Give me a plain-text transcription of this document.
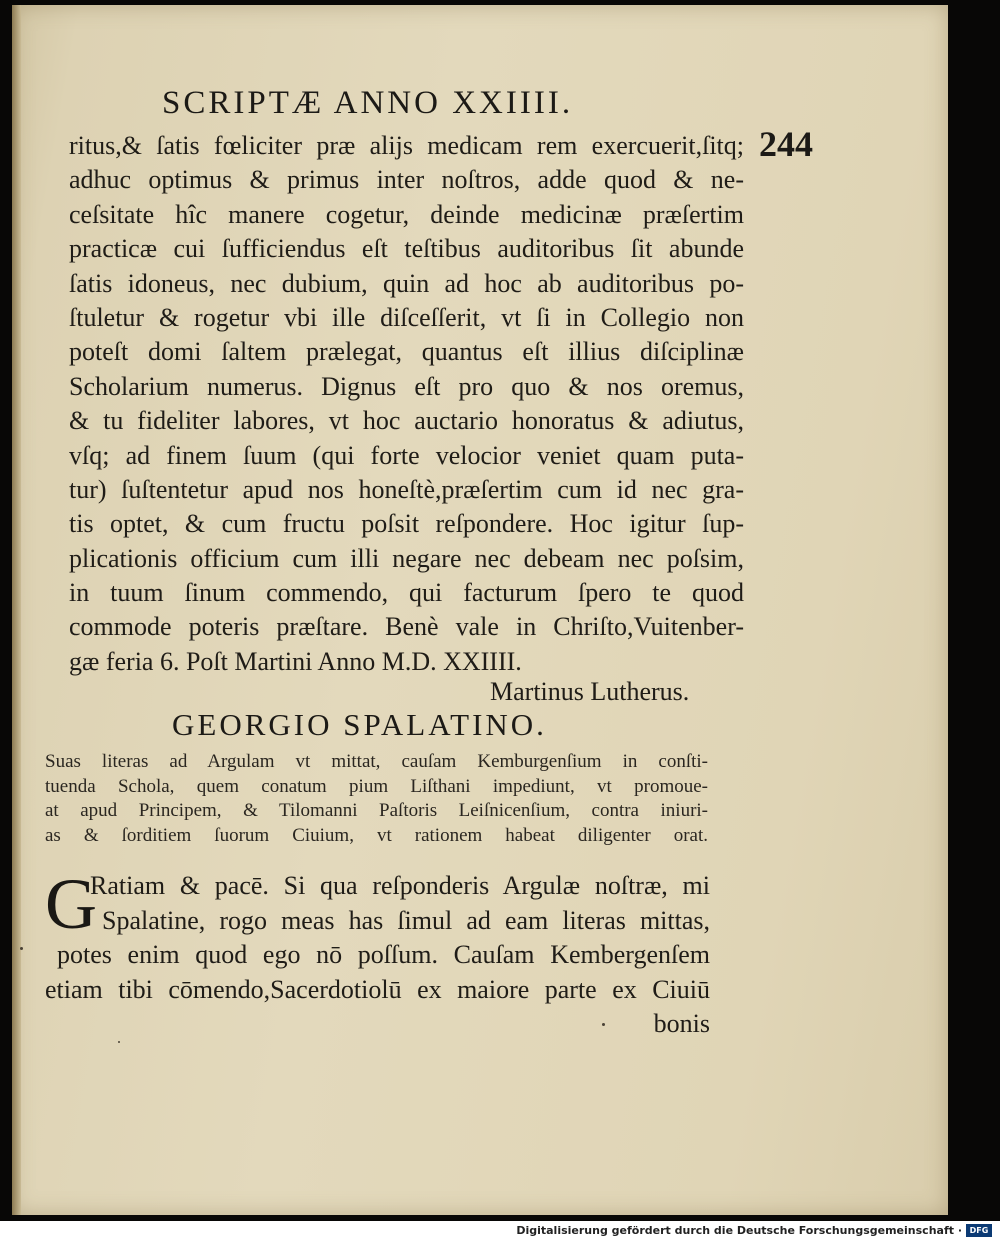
SCRIPTÆ ANNO XXIIII.
244
ritus,& ſatis fœliciter præ alijs medicam rem exercuerit,ſitq;
adhuc optimus & primus inter noſtros, adde quod & ne-
ceſsitate hîc manere cogetur, deinde medicinæ præſertim
practicæ cui ſufficiendus eſt teſtibus auditoribus ſit abunde
ſatis idoneus, nec dubium, quin ad hoc ab auditoribus po-
ſtuletur & rogetur vbi ille diſceſſerit, vt ſi in Collegio non
poteſt domi ſaltem prælegat, quantus eſt illius diſciplinæ
Scholarium numerus. Dignus eſt pro quo & nos oremus,
& tu fideliter labores, vt hoc auctario honoratus & adiutus,
vſq; ad finem ſuum (qui forte velocior veniet quam puta-
tur) ſuſtentetur apud nos honeſtè,præſertim cum id nec gra-
tis optet, & cum fructu poſsit reſpondere. Hoc igitur ſup-
plicationis officium cum illi negare nec debeam nec poſsim,
in tuum ſinum commendo, qui facturum ſpero te quod
commode poteris præſtare. Benè vale in Chriſto,Vuitenber-
gæ feria 6. Poſt Martini Anno M.D. XXIIII.
Martinus Lutherus.
GEORGIO SPALATINO.
Suas literas ad Argulam vt mittat, cauſam Kemburgenſium in conſti-
tuenda Schola, quem conatum pium Liſthani impediunt, vt promoue-
at apud Principem, & Tilomanni Paſtoris Leiſnicenſium, contra iniuri-
as & ſorditiem ſuorum Ciuium, vt rationem habeat diligenter orat.
G
Ratiam & pacē. Si qua reſponderis Argulæ noſtræ, mi
Spalatine, rogo meas has ſimul ad eam literas mittas,
potes enim quod ego nō poſſum. Cauſam Kembergenſem
etiam tibi cōmendo,Sacerdotiolū ex maiore parte ex Ciuiū
bonis
Digitalisierung gefördert durch die Deutsche Forschungsgemeinschaft · DFG
